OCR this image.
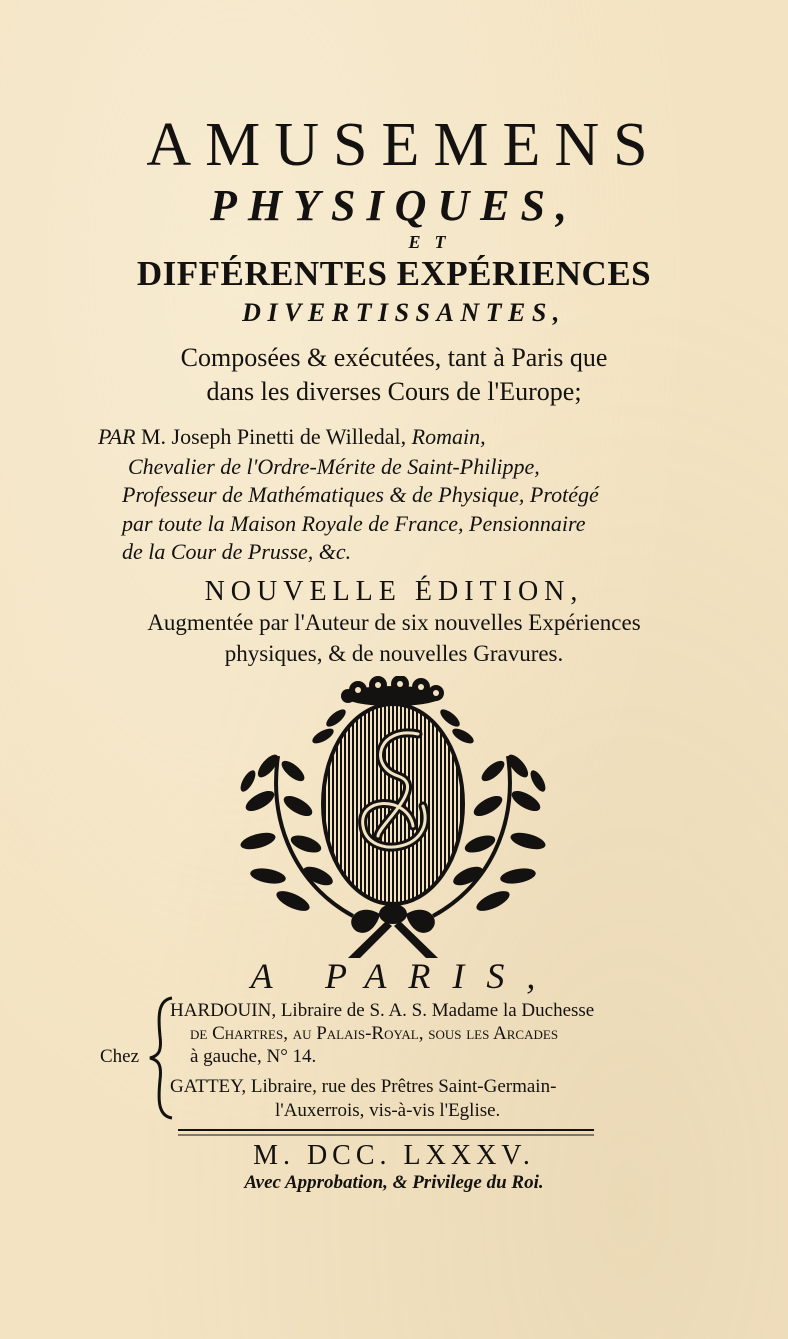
AMUSEMENS
PHYSIQUES,
ET
DIFFÉRENTES EXPÉRIENCES
DIVERTISSANTES,
Composées & exécutées, tant à Paris que
dans les diverses Cours de l'Europe;
PAR M. Joseph Pinetti de Willedal, Romain,
Chevalier de l'Ordre-Mérite de Saint-Philippe,
Professeur de Mathématiques & de Physique, Protégé
par toute la Maison Royale de France, Pensionnaire
de la Cour de Prusse, &c.
NOUVELLE ÉDITION,
Augmentée par l'Auteur de six nouvelles Expériences
physiques, & de nouvelles Gravures.
A PARIS,
Chez
HARDOUIN, Libraire de S. A. S. Madame la Duchesse
de Chartres, au Palais-Royal, sous les Arcades
à gauche, N° 14.
GATTEY, Libraire, rue des Prêtres Saint-Germain-
l'Auxerrois, vis-à-vis l'Eglise.
M. DCC. LXXXV.
Avec Approbation, & Privilege du Roi.
